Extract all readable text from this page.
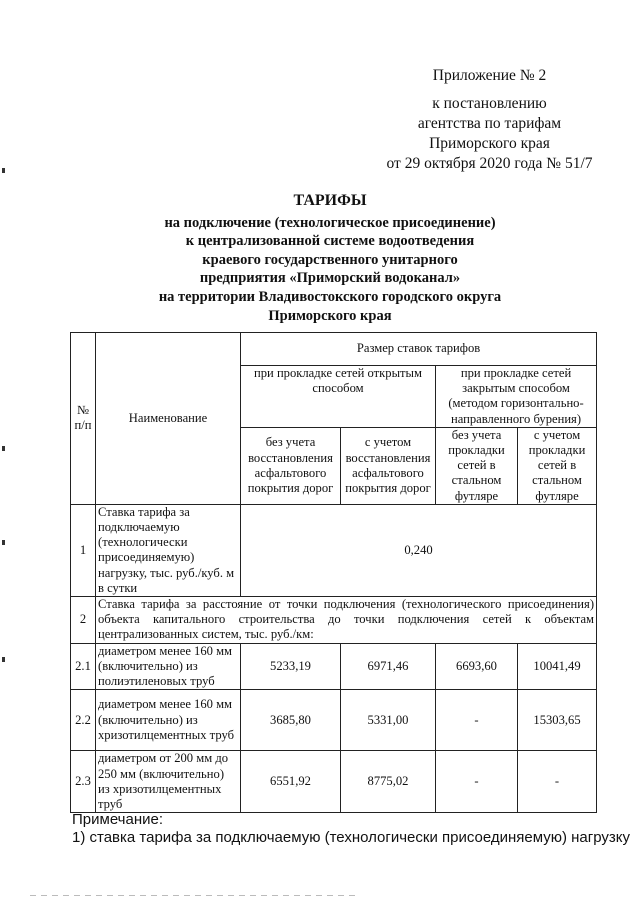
Приложение № 2
к постановлению
агентства по тарифам
Приморского края
от 29 октября 2020 года № 51/7
ТАРИФЫ
на подключение (технологическое присоединение)
к централизованной системе водоотведения
краевого государственного унитарного
предприятия «Приморский водоканал»
на территории Владивостокского городского округа
Приморского края
№ п/п	Наименование	Размер ставок тарифов			
		при прокладке сетей открытым способом		при прокладке сетей закрытым способом (методом горизонтально-направленного бурения)	
		без учета восстановления асфальтового покрытия дорог	с учетом восстановления асфальтового покрытия дорог	без учета прокладки сетей в стальном футляре	с учетом прокладки сетей в стальном футляре
1	Ставка тарифа за подключаемую (технологически присоединяемую) нагрузку, тыс. руб./куб. м в сутки	0,240			
2	Ставка тарифа за расстояние от точки подключения (технологического присоединения) объекта капитального строительства до точки подключения сетей к объектам централизованных систем, тыс. руб./км:				
2.1	диаметром менее 160 мм (включительно) из полиэтиленовых труб	5233,19	6971,46	6693,60	10041,49
2.2	диаметром менее 160 мм (включительно) из хризотилцементных труб	3685,80	5331,00	-	15303,65
2.3	диаметром от 200 мм до 250 мм (включительно) из хризотилцементных труб	6551,92	8775,02	-	-
Примечание:
1) ставка тарифа за подключаемую (технологически присоединяемую) нагрузку
